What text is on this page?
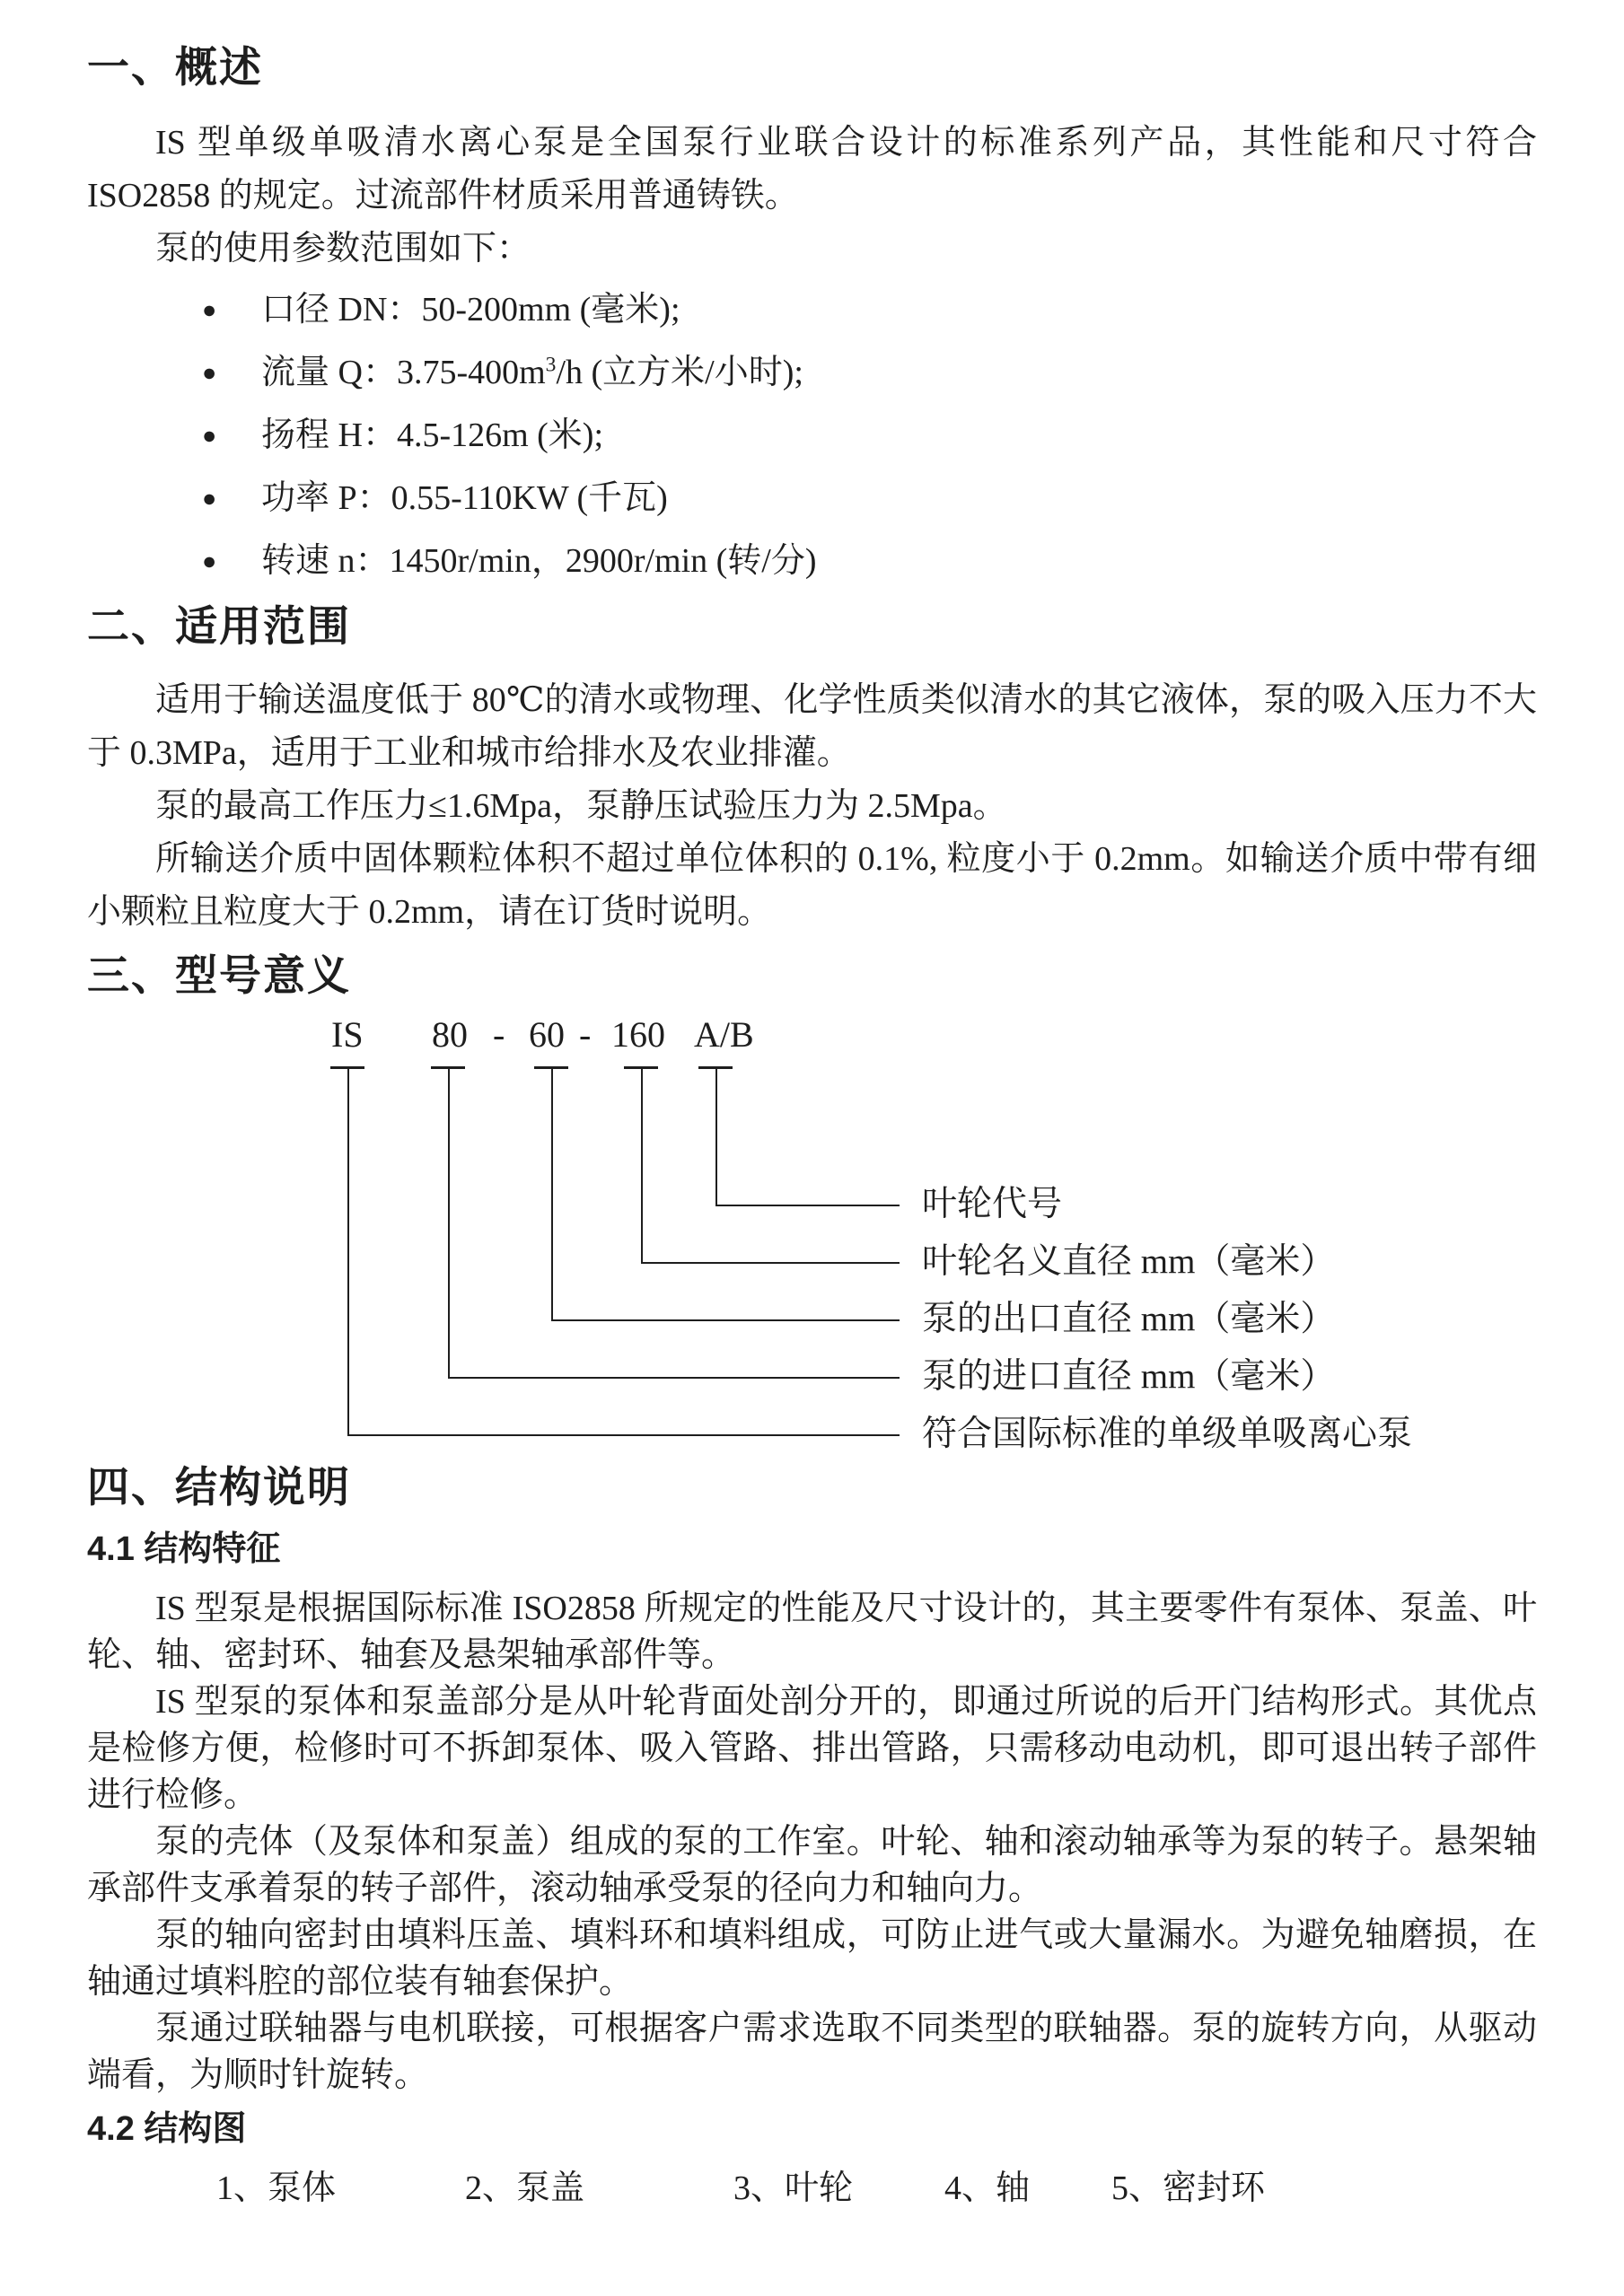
一、概述

IS 型单级单吸清水离心泵是全国泵行业联合设计的标准系列产品，其性能和尺寸符合 ISO2858 的规定。过流部件材质采用普通铸铁。

泵的使用参数范围如下：

●	口径 DN：50-200mm (毫米);
●	流量 Q：$3.75-400m^3/h$ (立方米/小时);
●	扬程 H：4.5-126m (米);
●	功率 P：0.55-110KW (千瓦)
●	转速 n：1450r/min，2900r/min (转/分)
二、适用范围

适用于输送温度低于 80℃的清水或物理、化学性质类似清水的其它液体，泵的吸入压力不大于 0.3MPa，适用于工业和城市给排水及农业排灌。

泵的最高工作压力≤1.6Mpa，泵静压试验压力为 2.5Mpa。

所输送介质中固体颗粒体积不超过单位体积的 0.1%, 粒度小于 0.2mm。如输送介质中带有细小颗粒且粒度大于 0.2mm，请在订货时说明。

三、型号意义
IS 80 - 60 - 160 A/B
叶轮代号
叶轮名义直径 mm（毫米）
泵的出口直径 mm（毫米）
泵的进口直径 mm（毫米）
符合国际标准的单级单吸离心泵
四、结构说明
4.1 结构特征

IS 型泵是根据国际标准 ISO2858 所规定的性能及尺寸设计的，其主要零件有泵体、泵盖、叶轮、轴、密封环、轴套及悬架轴承部件等。

IS 型泵的泵体和泵盖部分是从叶轮背面处剖分开的，即通过所说的后开门结构形式。其优点是检修方便，检修时可不拆卸泵体、吸入管路、排出管路，只需移动电动机，即可退出转子部件进行检修。

泵的壳体（及泵体和泵盖）组成的泵的工作室。叶轮、轴和滚动轴承等为泵的转子。悬架轴承部件支承着泵的转子部件，滚动轴承受泵的径向力和轴向力。

泵的轴向密封由填料压盖、填料环和填料组成，可防止进气或大量漏水。为避免轴磨损，在轴通过填料腔的部位装有轴套保护。

泵通过联轴器与电机联接，可根据客户需求选取不同类型的联轴器。泵的旋转方向，从驱动端看，为顺时针旋转。

4.2 结构图
1、泵体	2、泵盖	3、叶轮	4、轴 5、密封环
